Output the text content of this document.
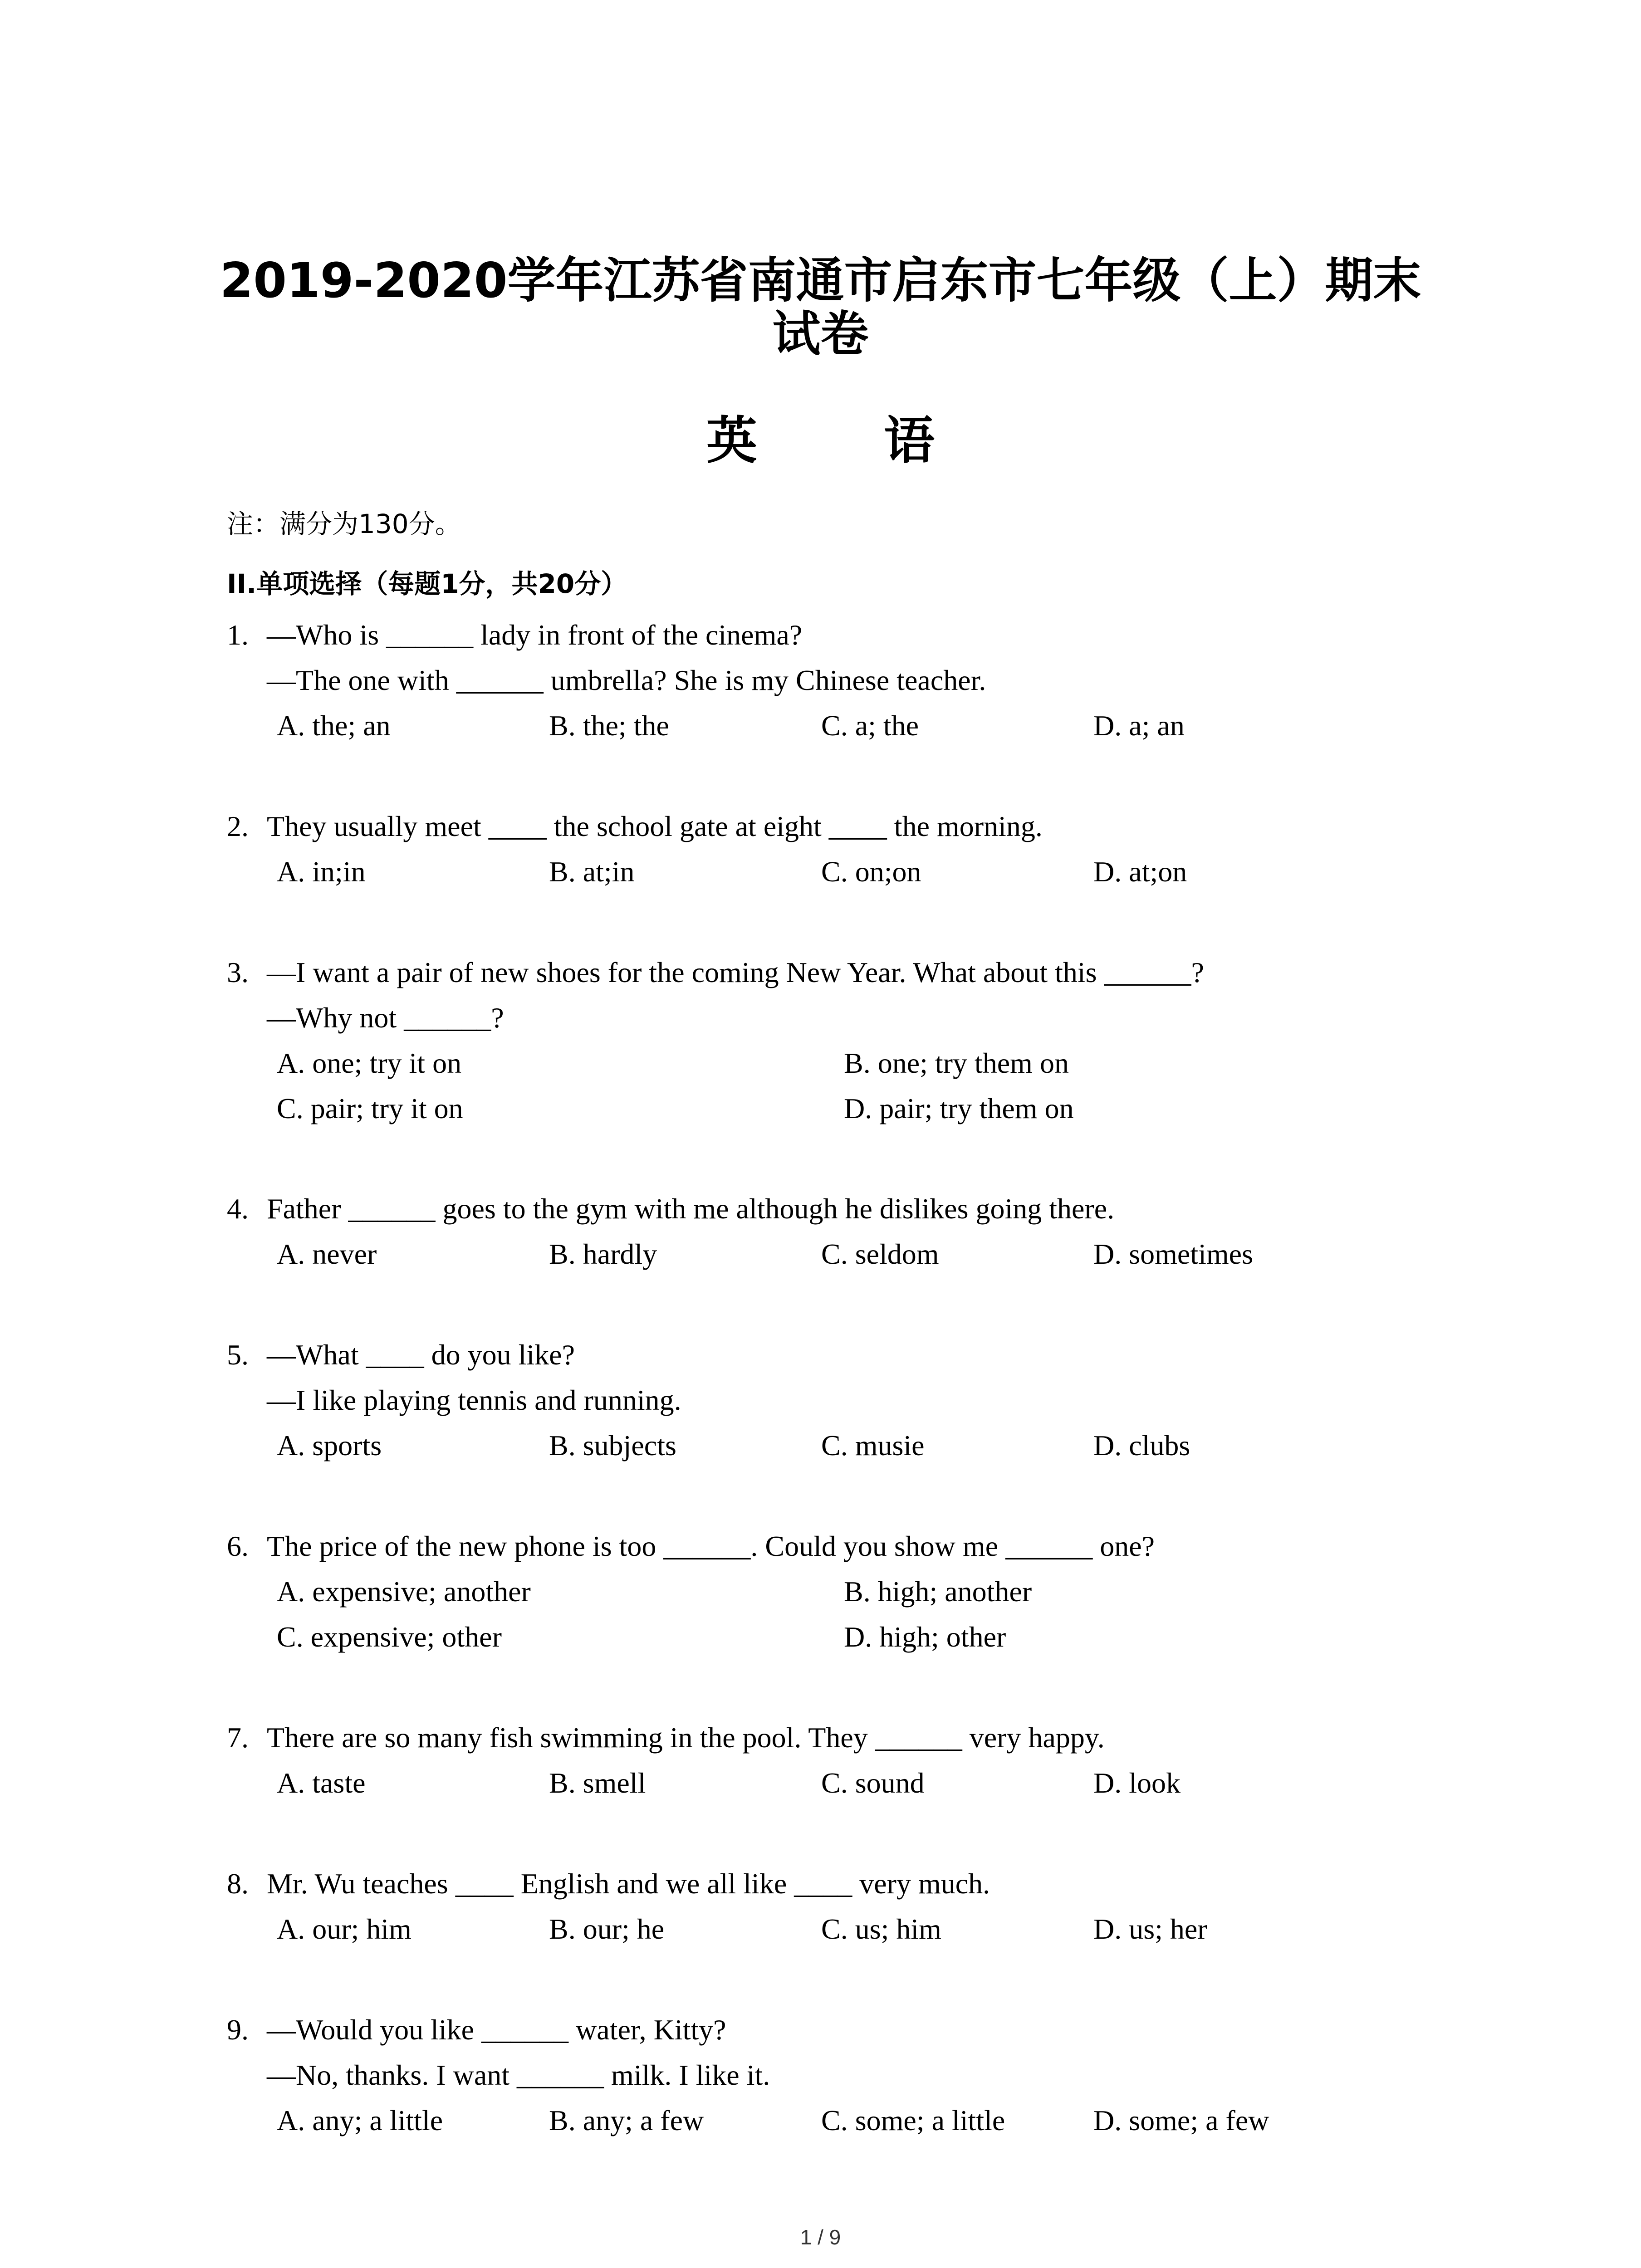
2019-2020学年江苏省南通市启东市七年级（上）期末
试卷
英 语
注：满分为130分。
II.单项选择（每题1分，共20分）
1. —Who is ______ lady in front of the cinema?
—The one with ______ umbrella? She is my Chinese teacher.
A. the; an	B. the; the	C. a; the	D. a; an
2. They usually meet ____ the school gate at eight ____ the morning.
A. in;in	B. at;in	C. on;on	D. at;on
3. —I want a pair of new shoes for the coming New Year. What about this ______?
—Why not ______?
A. one; try it on	B. one; try them on
C. pair; try it on	D. pair; try them on
4. Father ______ goes to the gym with me although he dislikes going there.
A. never	B. hardly	C. seldom	D. sometimes
5. —What ____ do you like?
—I like playing tennis and running.
A. sports	B. subjects	C. musie	D. clubs
6. The price of the new phone is too ______. Could you show me ______ one?
A. expensive; another	B. high; another
C. expensive; other	D. high; other
7. There are so many fish swimming in the pool. They ______ very happy.
A. taste	B. smell	C. sound	D. look
8. Mr. Wu teaches ____ English and we all like ____ very much.
A. our; him	B. our; he	C. us; him	D. us; her
9. —Would you like ______ water, Kitty?
—No, thanks. I want ______ milk. I like it.
A. any; a little	B. any; a few	C. some; a little	D. some; a few
1 / 9
